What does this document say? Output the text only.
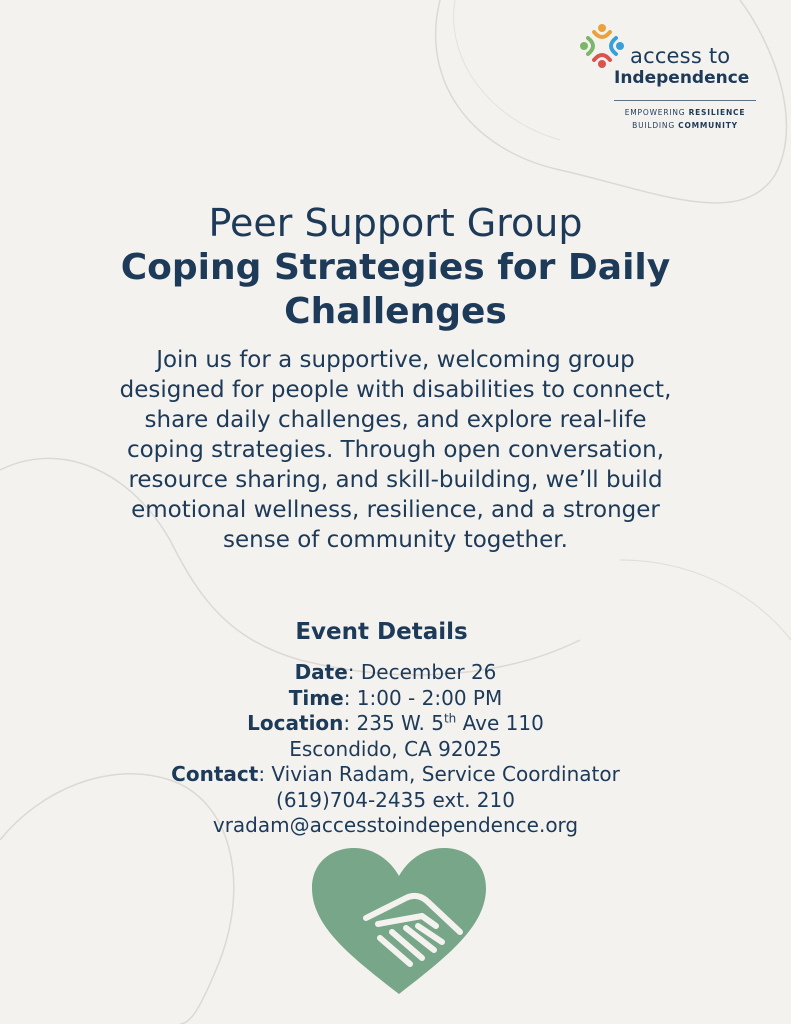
access to
Independence
EMPOWERING RESILIENCE
BUILDING COMMUNITY
Peer Support Group
Coping Strategies for Daily Challenges

Join us for a supportive, welcoming group designed for people with disabilities to connect, share daily challenges, and explore real-life coping strategies. Through open conversation, resource sharing, and skill-building, we’ll build emotional wellness, resilience, and a stronger sense of community together.

Event Details
Date: December 26
Time: 1:00 - 2:00 PM
Location: 235 W. 5th Ave 110
Escondido, CA 92025
Contact: Vivian Radam, Service Coordinator
(619)704-2435 ext. 210
vradam@accesstoindependence.org
